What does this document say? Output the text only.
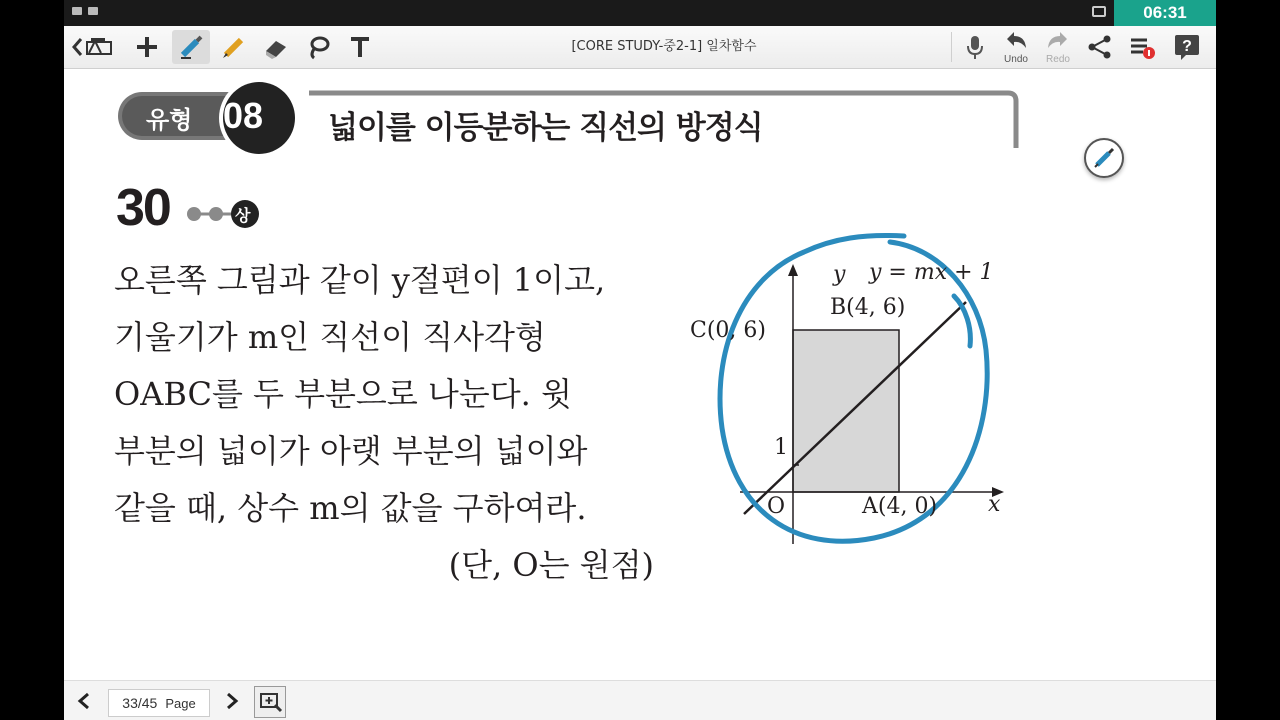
06:31
[CORE STUDY-중2-1] 일차함수
Undo	Redo
?
유형 08 넓이를 이등분하는 직선의 방정식
30	상
오른쪽 그림과 같이 y절편이 1이고,
기울기가 m인 직선이 직사각형
OABC를 두 부분으로 나눈다. 윗
부분의 넓이가 아랫 부분의 넓이와
같을 때, 상수 m의 값을 구하여라.
(단, O는 원점)
y y = mx + 1
B(4, 6)
C(0, 6)
1
O	A(4, 0) x
33/45 Page
